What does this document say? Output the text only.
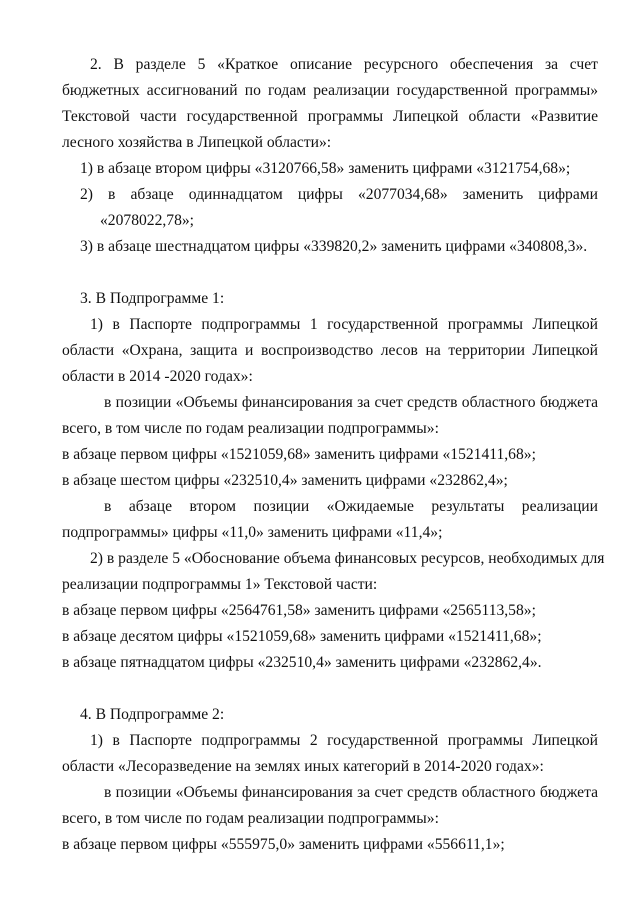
2. В разделе 5 «Краткое описание ресурсного обеспечения за счет
бюджетных ассигнований по годам реализации государственной программы»
Текстовой части государственной программы Липецкой области «Развитие
лесного хозяйства в Липецкой области»:
1) в абзаце втором цифры «3120766,58» заменить цифрами «3121754,68»;
2) в абзаце одиннадцатом цифры «2077034,68» заменить цифрами
«2078022,78»;
3) в абзаце шестнадцатом цифры «339820,2» заменить цифрами «340808,3».
3. В Подпрограмме 1:
1) в Паспорте подпрограммы 1 государственной программы Липецкой
области «Охрана, защита и воспроизводство лесов на территории Липецкой
области в 2014 -2020 годах»:
в позиции «Объемы финансирования за счет средств областного бюджета
всего, в том числе по годам реализации подпрограммы»:
в абзаце первом цифры «1521059,68» заменить цифрами «1521411,68»;
в абзаце шестом цифры «232510,4» заменить цифрами «232862,4»;
в абзаце втором позиции «Ожидаемые результаты реализации
подпрограммы» цифры «11,0» заменить цифрами «11,4»;
2) в разделе 5 «Обоснование объема финансовых ресурсов, необходимых для
реализации подпрограммы 1» Текстовой части:
в абзаце первом цифры «2564761,58» заменить цифрами «2565113,58»;
в абзаце десятом цифры «1521059,68» заменить цифрами «1521411,68»;
в абзаце пятнадцатом цифры «232510,4» заменить цифрами «232862,4».
4. В Подпрограмме 2:
1) в Паспорте подпрограммы 2 государственной программы Липецкой
области «Лесоразведение на землях иных категорий в 2014-2020 годах»:
в позиции «Объемы финансирования за счет средств областного бюджета
всего, в том числе по годам реализации подпрограммы»:
в абзаце первом цифры «555975,0» заменить цифрами «556611,1»;
